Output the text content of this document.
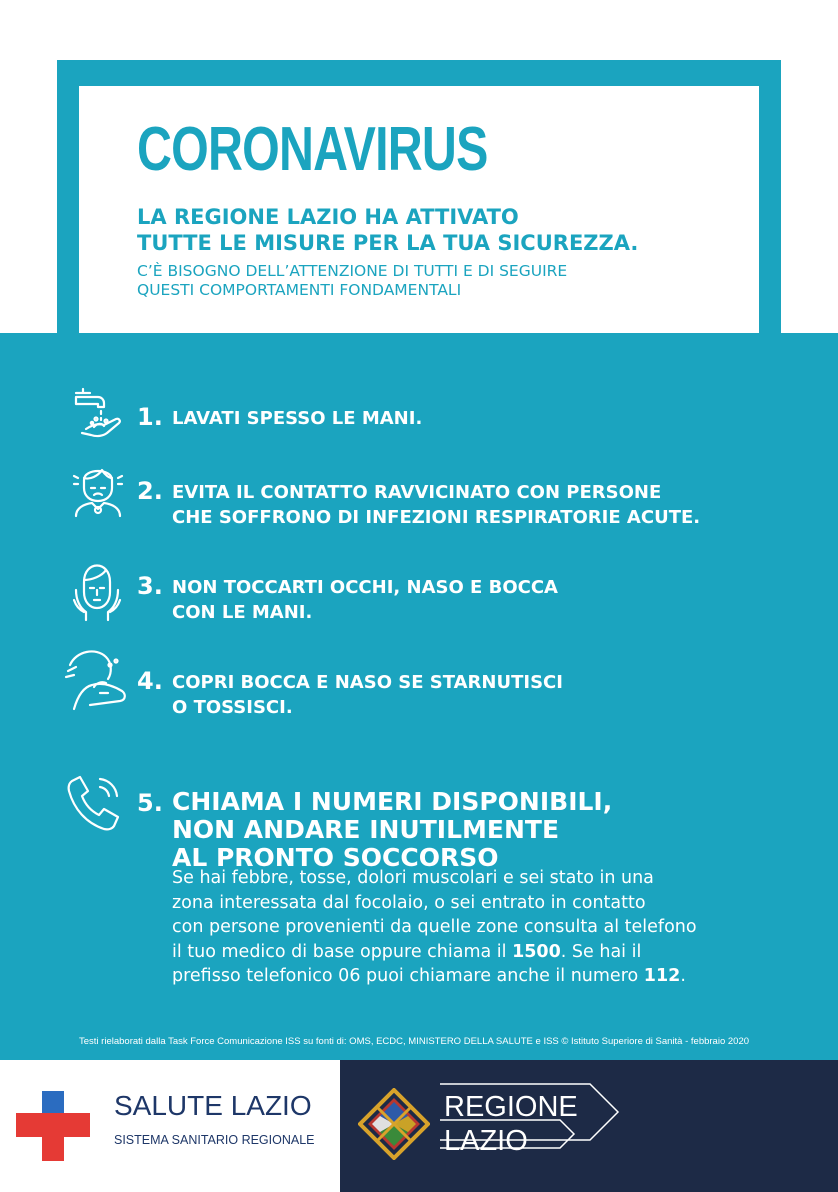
CORONAVIRUS
LA REGIONE LAZIO HA ATTIVATO
TUTTE LE MISURE PER LA TUA SICUREZZA.
C’È BISOGNO DELL’ATTENZIONE DI TUTTI E DI SEGUIRE
QUESTI COMPORTAMENTI FONDAMENTALI
1. LAVATI SPESSO LE MANI.
2. EVITA IL CONTATTO RAVVICINATO CON PERSONE
CHE SOFFRONO DI INFEZIONI RESPIRATORIE ACUTE.
3. NON TOCCARTI OCCHI, NASO E BOCCA
CON LE MANI.
4. COPRI BOCCA E NASO SE STARNUTISCI
O TOSSISCI.
5. CHIAMA I NUMERI DISPONIBILI,
NON ANDARE INUTILMENTE
AL PRONTO SOCCORSO
Se hai febbre, tosse, dolori muscolari e sei stato in una
zona interessata dal focolaio, o sei entrato in contatto
con persone provenienti da quelle zone consulta al telefono
il tuo medico di base oppure chiama il 1500. Se hai il
prefisso telefonico 06 puoi chiamare anche il numero 112.
Testi rielaborati dalla Task Force Comunicazione ISS su fonti di: OMS, ECDC, MINISTERO DELLA SALUTE e ISS © Istituto Superiore di Sanità - febbraio 2020
SALUTE LAZIO
SISTEMA SANITARIO REGIONALE
REGIONE
LAZIO
